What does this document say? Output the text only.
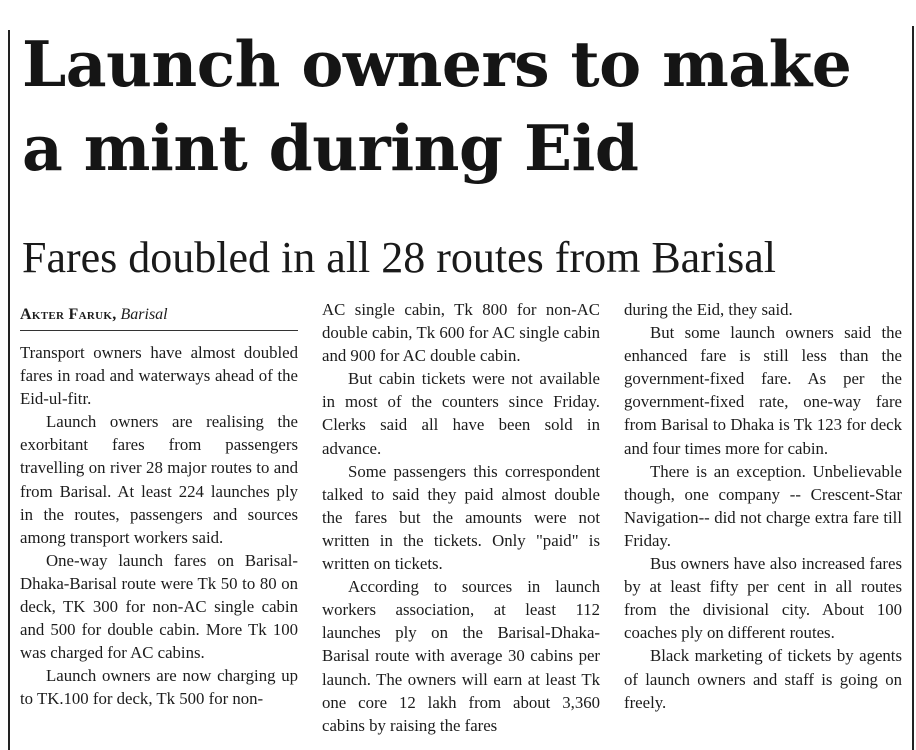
Launch owners to make
a mint during Eid
Fares doubled in all 28 routes from Barisal
Akter Faruk, Barisal

Transport owners have almost doubled fares in road and waterways ahead of the Eid-ul-fitr.

Launch owners are realising the exorbitant fares from passengers travelling on river 28 major routes to and from Barisal. At least 224 launches ply in the routes, passengers and sources among transport workers said.

One-way launch fares on Barisal-Dhaka-Barisal route were Tk 50 to 80 on deck, TK 300 for non-AC single cabin and 500 for double cabin. More Tk 100 was charged for AC cabins.

Launch owners are now charging up to TK.100 for deck, Tk 500 for non-

AC single cabin, Tk 800 for non-AC double cabin, Tk 600 for AC single cabin and 900 for AC double cabin.

But cabin tickets were not available in most of the counters since Friday. Clerks said all have been sold in advance.

Some passengers this correspondent talked to said they paid almost double the fares but the amounts were not written in the tickets. Only "paid" is written on tickets.

According to sources in launch workers association, at least 112 launches ply on the Barisal-Dhaka-Barisal route with average 30 cabins per launch. The owners will earn at least Tk one core 12 lakh from about 3,360 cabins by raising the fares

during the Eid, they said.

But some launch owners said the enhanced fare is still less than the government-fixed fare. As per the government-fixed rate, one-way fare from Barisal to Dhaka is Tk 123 for deck and four times more for cabin.

There is an exception. Unbelievable though, one company -- Crescent-Star Navigation-- did not charge extra fare till Friday.

Bus owners have also increased fares by at least fifty per cent in all routes from the divisional city. About 100 coaches ply on different routes.

Black marketing of tickets by agents of launch owners and staff is going on freely.
